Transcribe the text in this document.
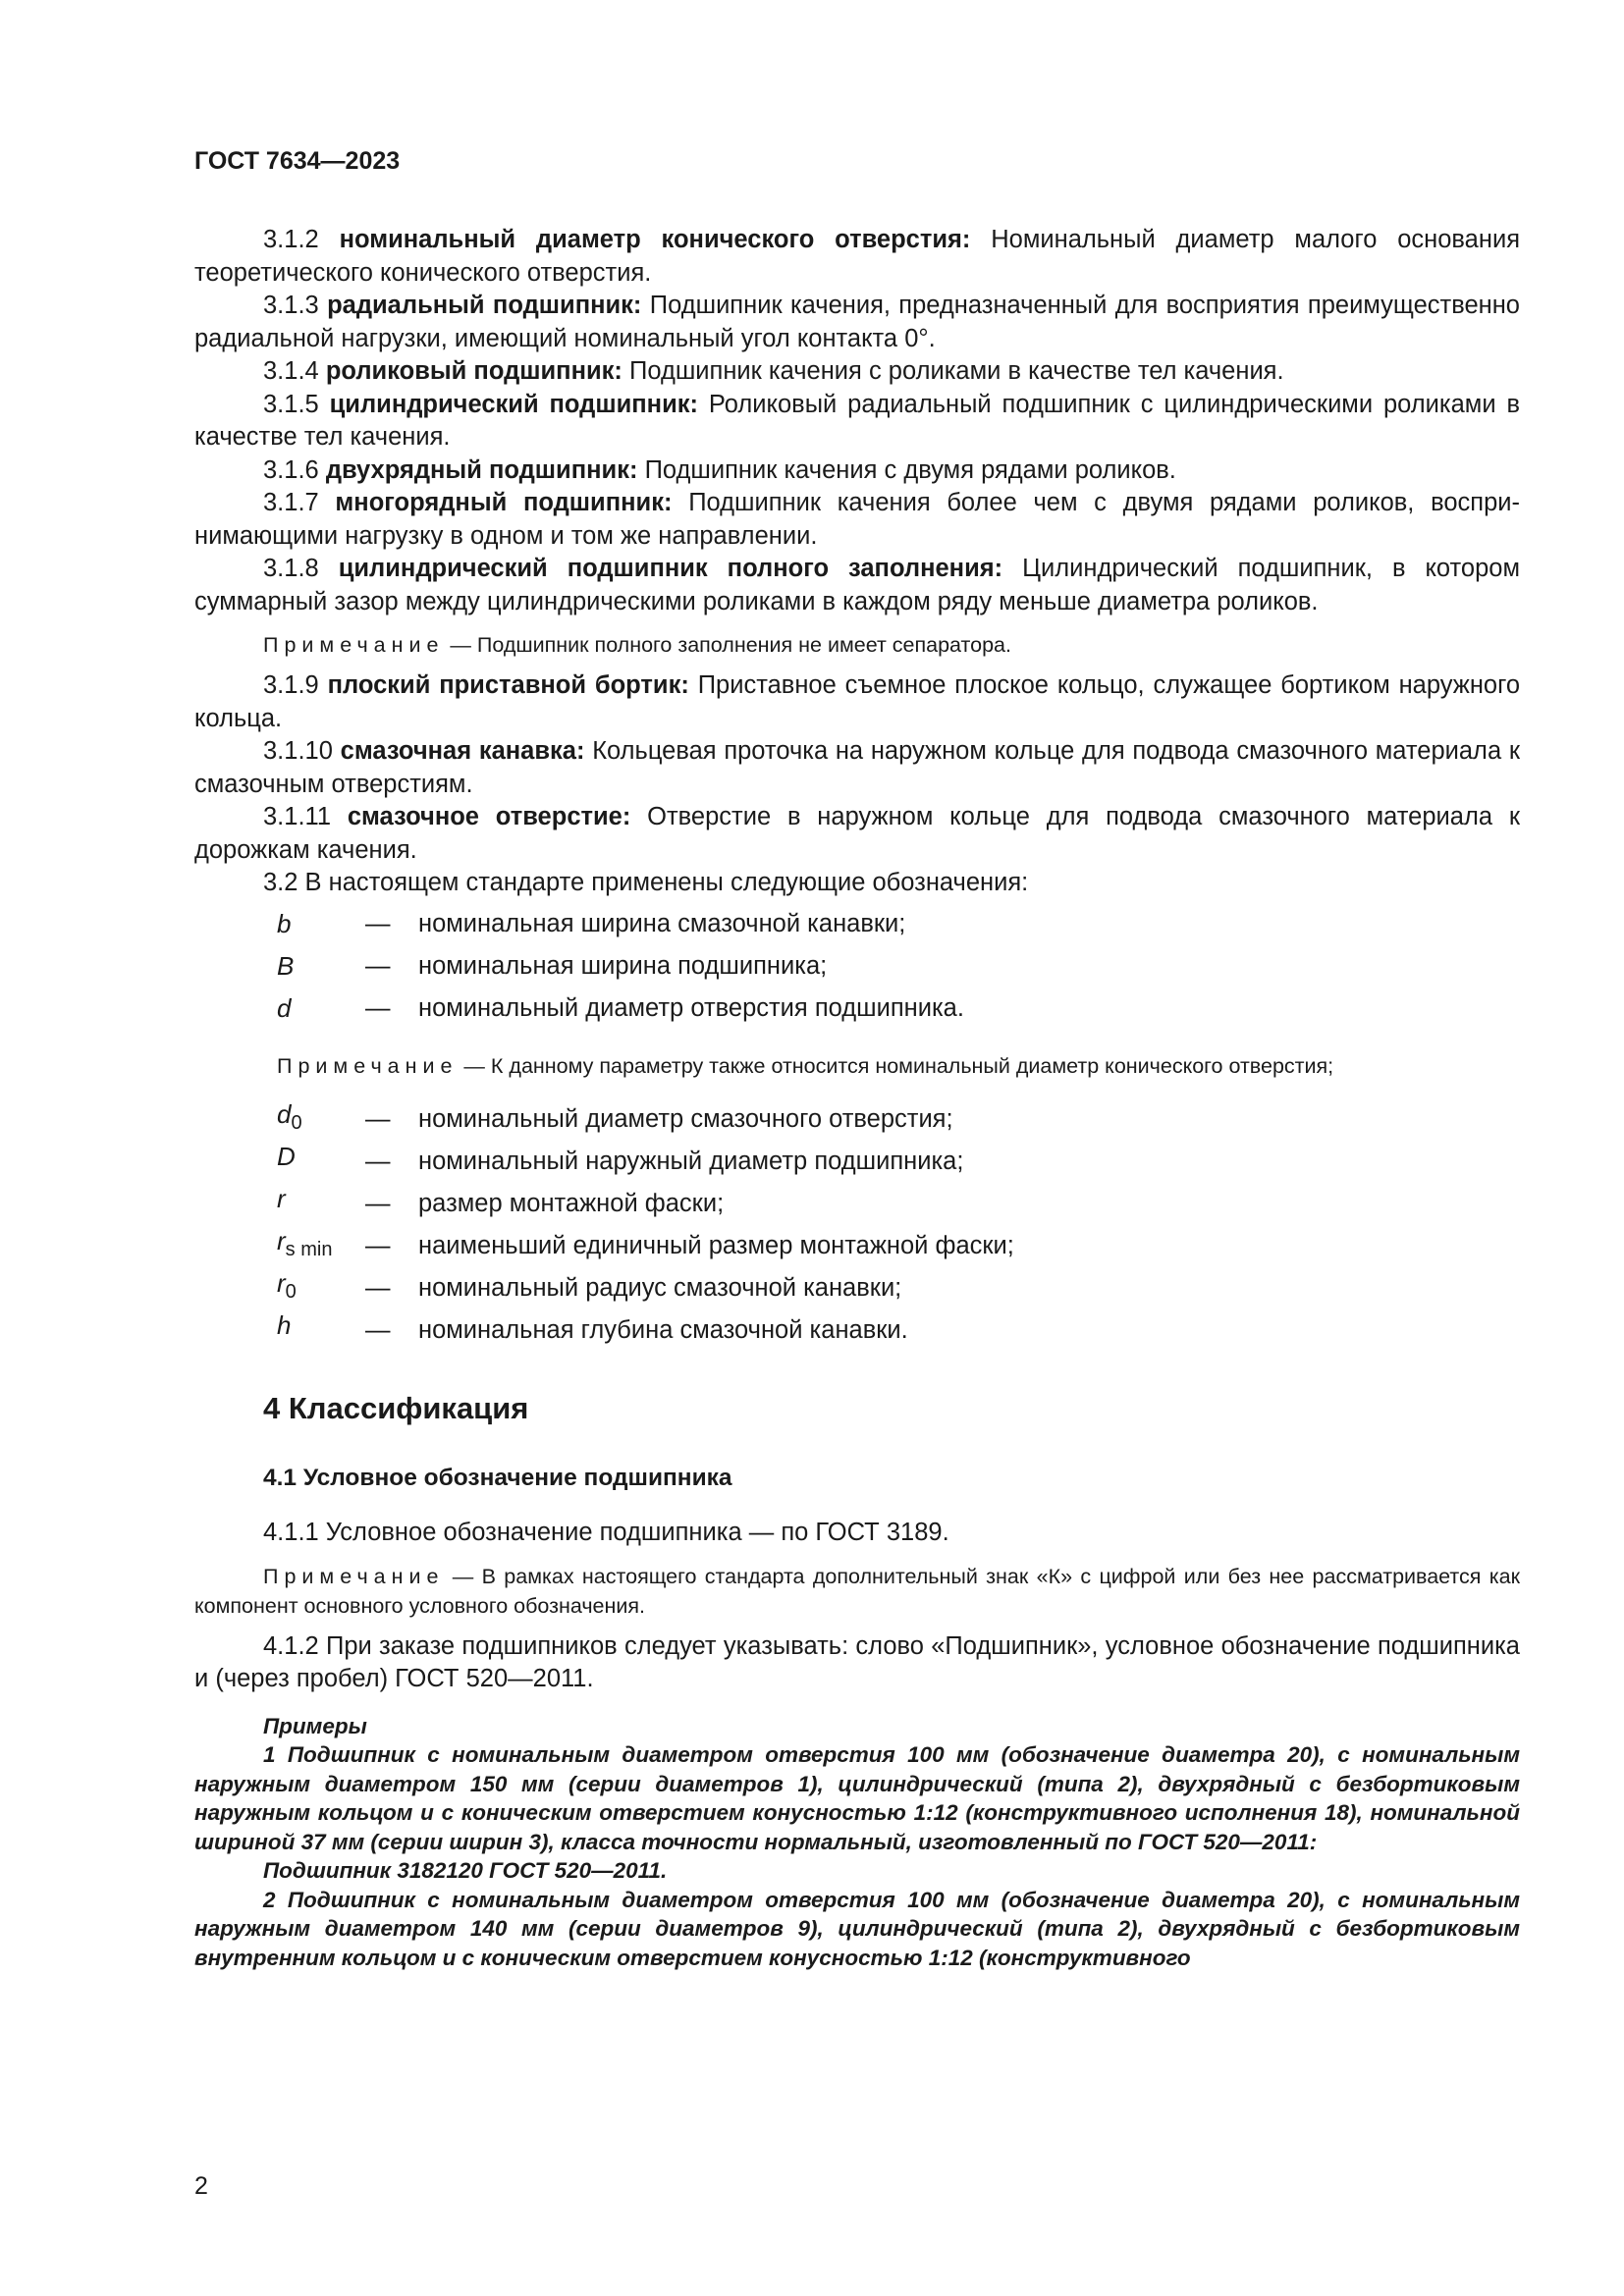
ГОСТ 7634—2023

3.1.2 номинальный диаметр конического отверстия: Номинальный диаметр малого основания теоретического конического отверстия.

3.1.3 радиальный подшипник: Подшипник качения, предназначенный для восприятия преимущественно радиальной нагрузки, имеющий номинальный угол контакта 0°.

3.1.4 роликовый подшипник: Подшипник качения с роликами в качестве тел качения.

3.1.5 цилиндрический подшипник: Роликовый радиальный подшипник с цилиндрическими роликами в качестве тел качения.

3.1.6 двухрядный подшипник: Подшипник качения с двумя рядами роликов.

3.1.7 многорядный подшипник: Подшипник качения более чем с двумя рядами роликов, воспринимающими нагрузку в одном и том же направлении.

3.1.8 цилиндрический подшипник полного заполнения: Цилиндрический подшипник, в котором суммарный зазор между цилиндрическими роликами в каждом ряду меньше диаметра роликов.

Примечание — Подшипник полного заполнения не имеет сепаратора.

3.1.9 плоский приставной бортик: Приставное съемное плоское кольцо, служащее бортиком наружного кольца.

3.1.10 смазочная канавка: Кольцевая проточка на наружном кольце для подвода смазочного материала к смазочным отверстиям.

3.1.11 смазочное отверстие: Отверстие в наружном кольце для подвода смазочного материала к дорожкам качения.

3.2 В настоящем стандарте применены следующие обозначения:

b	—	номинальная ширина смазочной канавки;
B	—	номинальная ширина подшипника;
d	—	номинальный диаметр отверстия подшипника.

Примечание — К данному параметру также относится номинальный диаметр конического отверстия;

$d_0$	—	номинальный диаметр смазочного отверстия;
D	—	номинальный наружный диаметр подшипника;
r	—	размер монтажной фаски;
$r_{s min}$	—	наименьший единичный размер монтажной фаски;
$r_0$	—	номинальный радиус смазочной канавки;
h	—	номинальная глубина смазочной канавки.
4 Классификация
4.1 Условное обозначение подшипника

4.1.1 Условное обозначение подшипника — по ГОСТ 3189.

Примечание — В рамках настоящего стандарта дополнительный знак «К» с цифрой или без нее рассматривается как компонент основного условного обозначения.

4.1.2 При заказе подшипников следует указывать: слово «Подшипник», условное обозначение подшипника и (через пробел) ГОСТ 520—2011.

Примеры

1 Подшипник с номинальным диаметром отверстия 100 мм (обозначение диаметра 20), с номинальным наружным диаметром 150 мм (серии диаметров 1), цилиндрический (типа 2), двухрядный с безбортиковым наружным кольцом и с коническим отверстием конусностью 1:12 (конструктивного исполнения 18), номинальной шириной 37 мм (серии ширин 3), класса точности нормальный, изготовленный по ГОСТ 520—2011:

Подшипник 3182120 ГОСТ 520—2011.

2 Подшипник с номинальным диаметром отверстия 100 мм (обозначение диаметра 20), с номинальным наружным диаметром 140 мм (серии диаметров 9), цилиндрический (типа 2), двухрядный с безбортиковым внутренним кольцом и с коническим отверстием конусностью 1:12 (конструктивного

2
